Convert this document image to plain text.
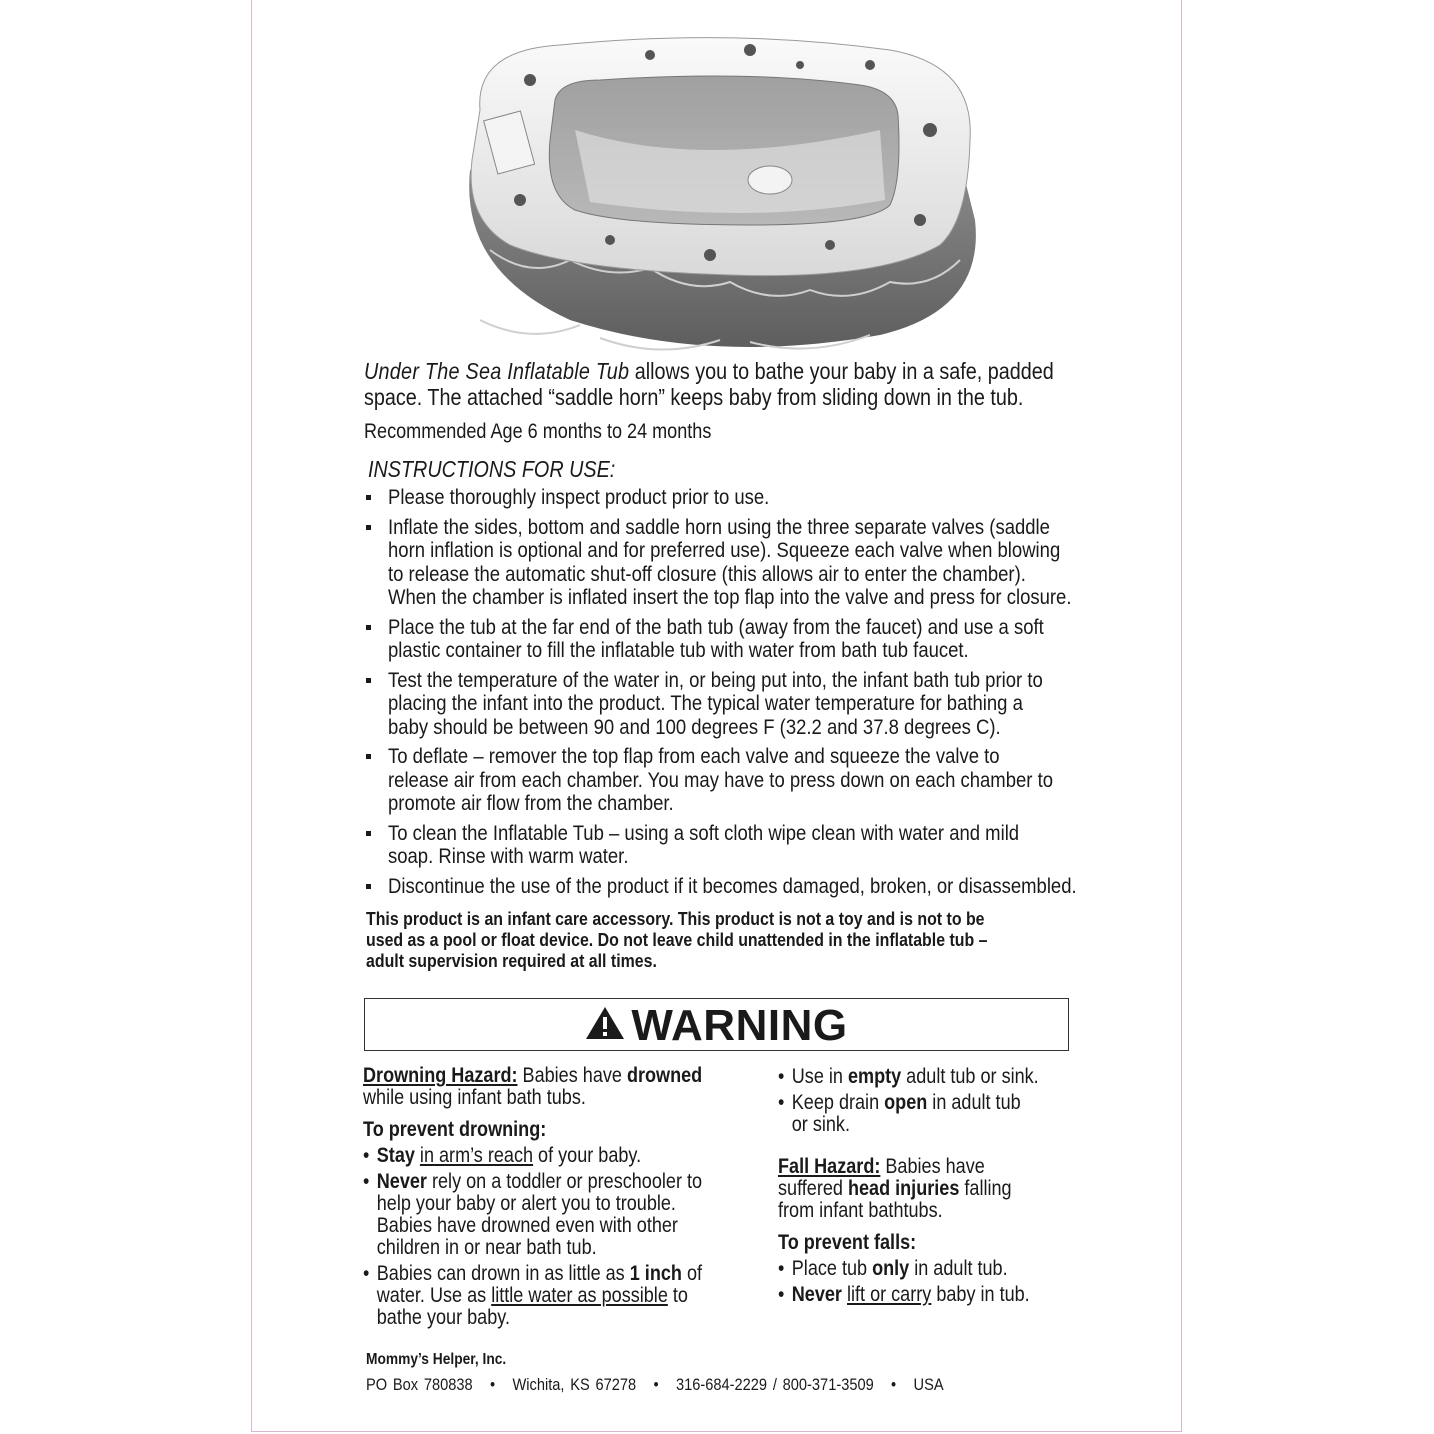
Under The Sea Inflatable Tub allows you to bathe your baby in a safe, padded
space. The attached “saddle horn” keeps baby from sliding down in the tub.
Recommended Age 6 months to 24 months
INSTRUCTIONS FOR USE:
Please thoroughly inspect product prior to use.
Inflate the sides, bottom and saddle horn using the three separate valves (saddle
horn inflation is optional and for preferred use). Squeeze each valve when blowing
to release the automatic shut-off closure (this allows air to enter the chamber).
When the chamber is inflated insert the top flap into the valve and press for closure.
Place the tub at the far end of the bath tub (away from the faucet) and use a soft
plastic container to fill the inflatable tub with water from bath tub faucet.
Test the temperature of the water in, or being put into, the infant bath tub prior to
placing the infant into the product. The typical water temperature for bathing a
baby should be between 90 and 100 degrees F (32.2 and 37.8 degrees C).
To deflate – remover the top flap from each valve and squeeze the valve to
release air from each chamber. You may have to press down on each chamber to
promote air flow from the chamber.
To clean the Inflatable Tub – using a soft cloth wipe clean with water and mild
soap. Rinse with warm water.
Discontinue the use of the product if it becomes damaged, broken, or disassembled.
This product is an infant care accessory. This product is not a toy and is not to be
used as a pool or float device. Do not leave child unattended in the inflatable tub –
adult supervision required at all times.
WARNING
Drowning Hazard: Babies have drowned
while using infant bath tubs.
To prevent drowning:
• Stay in arm’s reach of your baby.
• Never rely on a toddler or preschooler to
help your baby or alert you to trouble.
Babies have drowned even with other
children in or near bath tub.
• Babies can drown in as little as 1 inch of
water. Use as little water as possible to
bathe your baby.
• Use in empty adult tub or sink.
• Keep drain open in adult tub
or sink.
Fall Hazard: Babies have
suffered head injuries falling
from infant bathtubs.
To prevent falls:
• Place tub only in adult tub.
• Never lift or carry baby in tub.
Mommy’s Helper, Inc.
PO Box 780838   •   Wichita, KS 67278   •   316-684-2229 / 800-371-3509   •   USA
